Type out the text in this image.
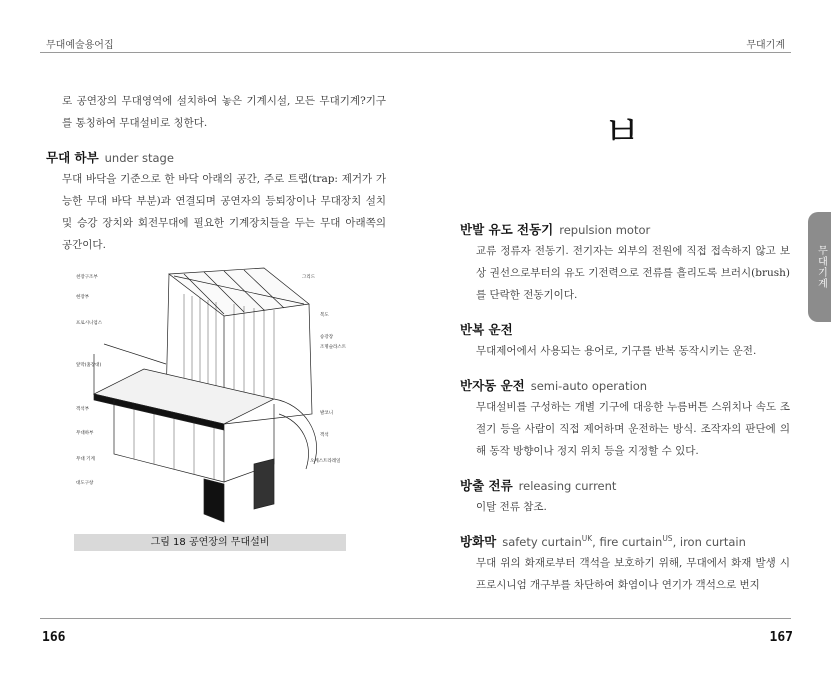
무대예술용어집	무대기계

로 공연장의 무대영역에 설치하여 놓은 기계시설, 모든 무대기계?기구를 통칭하여 무대설비로 칭한다.

무대 하부 under stage

무대 바닥을 기준으로 한 바닥 아래의 공간, 주로 트랩(trap: 제거가 가능한 무대 바닥 부분)과 연결되며 공연자의 등퇴장이나 무대장치 설치 및 승강 장치와 회전무대에 필요한 기계장치들을 두는 무대 아래쪽의 공간이다.

천장구조부
현장부
프로시니엄스
앞막(홈장대)
객석부
무대하부
무대 기계
대도구창
그리드
복도
승강장
조명슬라스트
발코니
객석
오케스트라레일
그림 18 공연장의 무대설비
ㅂ
반발 유도 전동기 repulsion motor

교류 정류자 전동기. 전기자는 외부의 전원에 직접 접속하지 않고 보상 권선으로부터의 유도 기전력으로 전류를 흘리도록 브러시(brush)를 단락한 전동기이다.

반복 운전

무대제어에서 사용되는 용어로, 기구를 반복 동작시키는 운전.

반자동 운전 semi-auto operation

무대설비를 구성하는 개별 기구에 대응한 누름버튼 스위치나 속도 조절기 등을 사람이 직접 제어하며 운전하는 방식. 조작자의 판단에 의해 동작 방향이나 정지 위치 등을 지정할 수 있다.

방출 전류 releasing current

이탈 전류 참조.

방화막 safety curtain$^{UK}$, fire curtain$^{US}$, iron curtain

무대 위의 화재로부터 객석을 보호하기 위해, 무대에서 화재 발생 시 프로시니엄 개구부를 차단하여 화염이나 연기가 객석으로 번지

무대기계
166	167
